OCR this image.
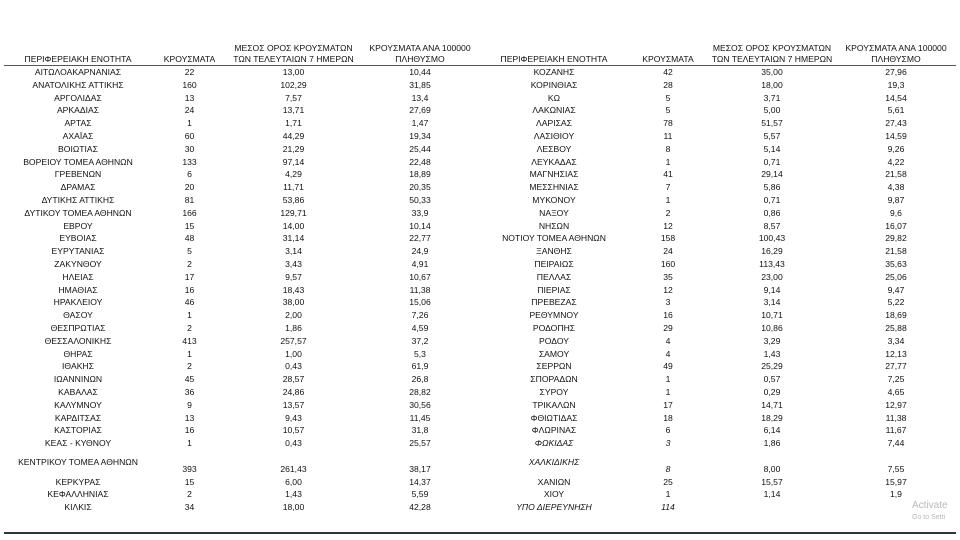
ΠΕΡΙΦΕΡΕΙΑΚΗ ΕΝΟΤΗΤΑ	ΚΡΟΥΣΜΑΤΑ	ΜΕΣΟΣ ΟΡΟΣ ΚΡΟΥΣΜΑΤΩΝ ΤΩΝ ΤΕΛΕΥΤΑΙΩΝ 7 ΗΜΕΡΩΝ	ΚΡΟΥΣΜΑΤΑ ΑΝΑ 100000 ΠΛΗΘΥΣΜΟ
ΑΙΤΩΛΟΑΚΑΡΝΑΝΙΑΣ	22	13,00	10,44
ΑΝΑΤΟΛΙΚΗΣ ΑΤΤΙΚΗΣ	160	102,29	31,85
ΑΡΓΟΛΙΔΑΣ	13	7,57	13,4
ΑΡΚΑΔΙΑΣ	24	13,71	27,69
ΑΡΤΑΣ	1	1,71	1,47
ΑΧΑΪΑΣ	60	44,29	19,34
ΒΟΙΩΤΙΑΣ	30	21,29	25,44
ΒΟΡΕΙΟΥ ΤΟΜΕΑ ΑΘΗΝΩΝ	133	97,14	22,48
ΓΡΕΒΕΝΩΝ	6	4,29	18,89
ΔΡΑΜΑΣ	20	11,71	20,35
ΔΥΤΙΚΗΣ ΑΤΤΙΚΗΣ	81	53,86	50,33
ΔΥΤΙΚΟΥ ΤΟΜΕΑ ΑΘΗΝΩΝ	166	129,71	33,9
ΕΒΡΟΥ	15	14,00	10,14
ΕΥΒΟΙΑΣ	48	31,14	22,77
ΕΥΡΥΤΑΝΙΑΣ	5	3,14	24,9
ΖΑΚΥΝΘΟΥ	2	3,43	4,91
ΗΛΕΙΑΣ	17	9,57	10,67
ΗΜΑΘΙΑΣ	16	18,43	11,38
ΗΡΑΚΛΕΙΟΥ	46	38,00	15,06
ΘΑΣΟΥ	1	2,00	7,26
ΘΕΣΠΡΩΤΙΑΣ	2	1,86	4,59
ΘΕΣΣΑΛΟΝΙΚΗΣ	413	257,57	37,2
ΘΗΡΑΣ	1	1,00	5,3
ΙΘΑΚΗΣ	2	0,43	61,9
ΙΩΑΝΝΙΝΩΝ	45	28,57	26,8
ΚΑΒΑΛΑΣ	36	24,86	28,82
ΚΑΛΥΜΝΟΥ	9	13,57	30,56
ΚΑΡΔΙΤΣΑΣ	13	9,43	11,45
ΚΑΣΤΟΡΙΑΣ	16	10,57	31,8
ΚΕΑΣ - ΚΥΘΝΟΥ	1	0,43	25,57
ΚΕΝΤΡΙΚΟΥ ΤΟΜΕΑ ΑΘΗΝΩΝ	393	261,43	38,17
ΚΕΡΚΥΡΑΣ	15	6,00	14,37
ΚΕΦΑΛΛΗΝΙΑΣ	2	1,43	5,59
ΚΙΛΚΙΣ	34	18,00	42,28
ΠΕΡΙΦΕΡΕΙΑΚΗ ΕΝΟΤΗΤΑ	ΚΡΟΥΣΜΑΤΑ	ΜΕΣΟΣ ΟΡΟΣ ΚΡΟΥΣΜΑΤΩΝ ΤΩΝ ΤΕΛΕΥΤΑΙΩΝ 7 ΗΜΕΡΩΝ	ΚΡΟΥΣΜΑΤΑ ΑΝΑ 100000 ΠΛΗΘΥΣΜΟ
ΚΟΖΑΝΗΣ	42	35,00	27,96
ΚΟΡΙΝΘΙΑΣ	28	18,00	19,3
ΚΩ	5	3,71	14,54
ΛΑΚΩΝΙΑΣ	5	5,00	5,61
ΛΑΡΙΣΑΣ	78	51,57	27,43
ΛΑΣΙΘΙΟΥ	11	5,57	14,59
ΛΕΣΒΟΥ	8	5,14	9,26
ΛΕΥΚΑΔΑΣ	1	0,71	4,22
ΜΑΓΝΗΣΙΑΣ	41	29,14	21,58
ΜΕΣΣΗΝΙΑΣ	7	5,86	4,38
ΜΥΚΟΝΟΥ	1	0,71	9,87
ΝΑΞΟΥ	2	0,86	9,6
ΝΗΣΩΝ	12	8,57	16,07
ΝΟΤΙΟΥ ΤΟΜΕΑ ΑΘΗΝΩΝ	158	100,43	29,82
ΞΑΝΘΗΣ	24	16,29	21,58
ΠΕΙΡΑΙΩΣ	160	113,43	35,63
ΠΕΛΛΑΣ	35	23,00	25,06
ΠΙΕΡΙΑΣ	12	9,14	9,47
ΠΡΕΒΕΖΑΣ	3	3,14	5,22
ΡΕΘΥΜΝΟΥ	16	10,71	18,69
ΡΟΔΟΠΗΣ	29	10,86	25,88
ΡΟΔΟΥ	4	3,29	3,34
ΣΑΜΟΥ	4	1,43	12,13
ΣΕΡΡΩΝ	49	25,29	27,77
ΣΠΟΡΑΔΩΝ	1	0,57	7,25
ΣΥΡΟΥ	1	0,29	4,65
ΤΡΙΚΑΛΩΝ	17	14,71	12,97
ΦΘΙΩΤΙΔΑΣ	18	18,29	11,38
ΦΛΩΡΙΝΑΣ	6	6,14	11,67
ΦΩΚΙΔΑΣ	3	1,86	7,44
ΧΑΛΚΙΔΙΚΗΣ	8	8,00	7,55
ΧΑΝΙΩΝ	25	15,57	15,97
ΧΙΟΥ	1	1,14	1,9
ΥΠΟ ΔΙΕΡΕΥΝΗΣΗ	114			Activate
Go to Setti
